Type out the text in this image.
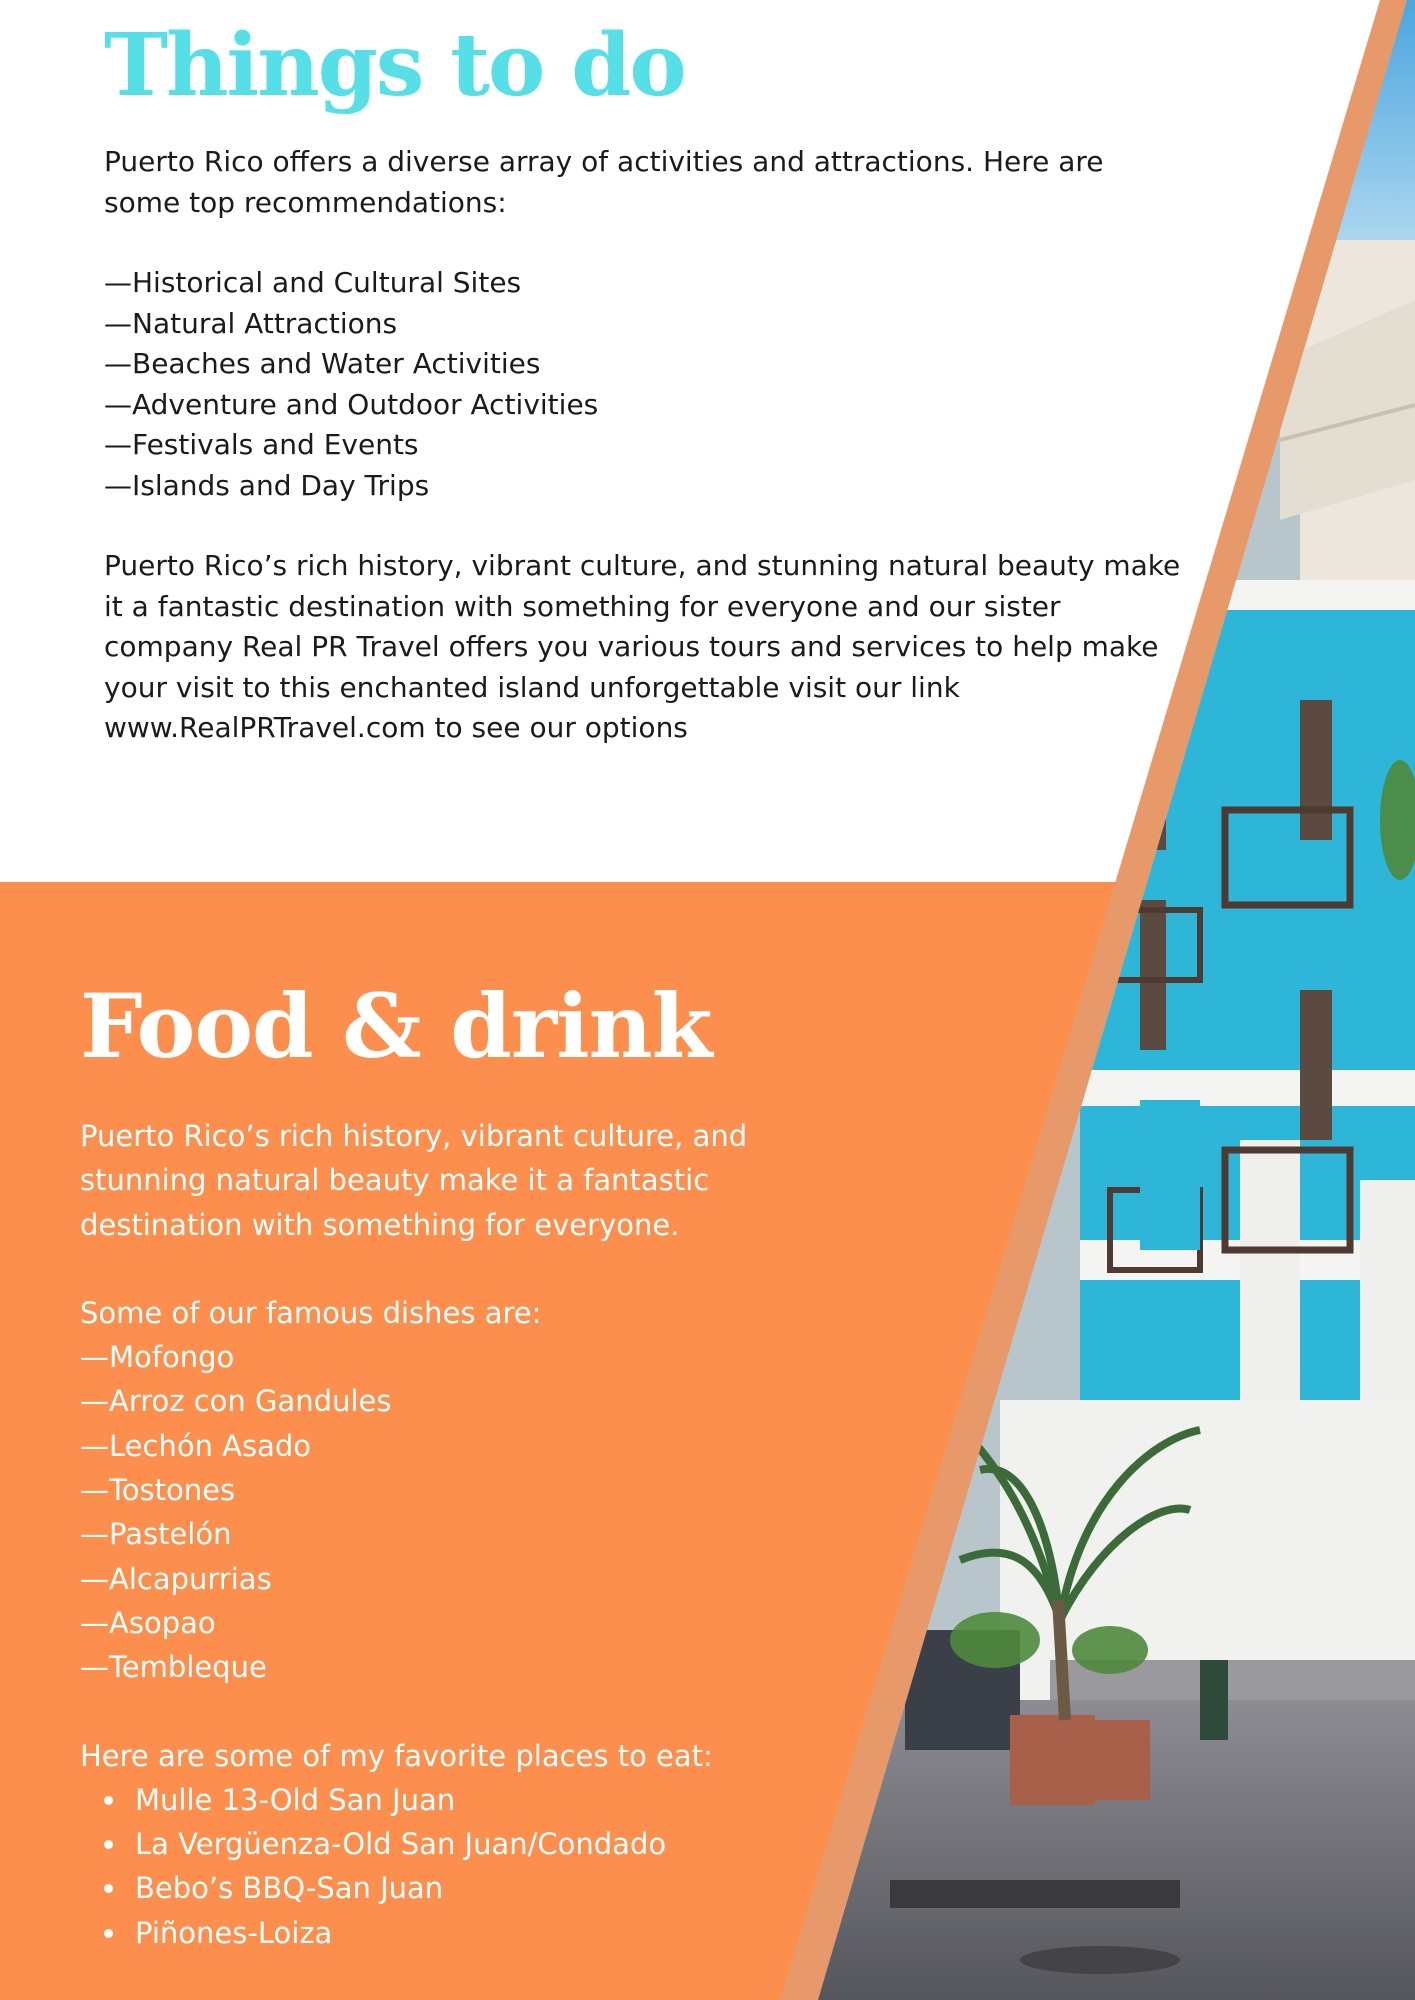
Things to do

Puerto Rico offers a diverse array of activities and attractions. Here are some top recommendations:

—Historical and Cultural Sites
—Natural Attractions
—Beaches and Water Activities
—Adventure and Outdoor Activities
—Festivals and Events
—Islands and Day Trips

Puerto Rico’s rich history, vibrant culture, and stunning natural beauty make it a fantastic destination with something for everyone and our sister company Real PR Travel offers you various tours and services to help make your visit to this enchanted island unforgettable visit our link www.RealPRTravel.com to see our options

Food & drink

Puerto Rico’s rich history, vibrant culture, and stunning natural beauty make it a fantastic destination with something for everyone.

Some of our famous dishes are:

—Mofongo
—Arroz con Gandules
—Lechón Asado
—Tostones
—Pastelón
—Alcapurrias
—Asopao
—Tembleque

Here are some of my favorite places to eat:

Mulle 13-Old San Juan
La Vergüenza-Old San Juan/Condado
Bebo’s BBQ-San Juan
Piñones-Loiza
